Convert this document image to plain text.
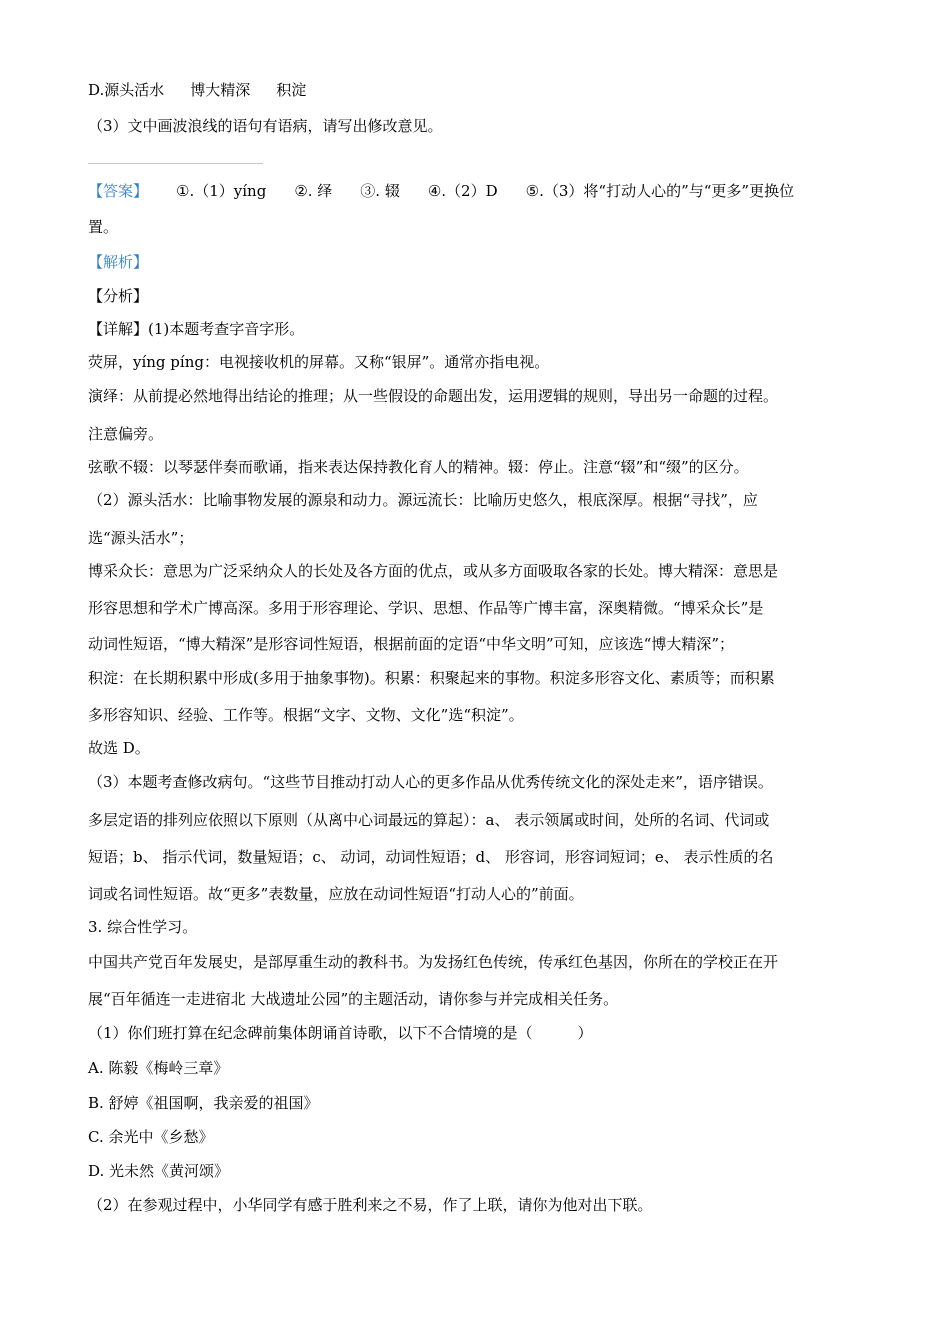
D.源头活水 博大精深 积淀
（3）文中画波浪线的语句有语病，请写出修改意见。
【答案】 ①.（1）yíng ②. 绎 ③. 辍 ④.（2）D ⑤.（3）将“打动人心的”与“更多”更换位
置。
【解析】
【分析】
【详解】(1)本题考查字音字形。
荧屏，yíng píng：电视接收机的屏幕。又称“银屏”。通常亦指电视。
演绎：从前提必然地得出结论的推理；从一些假设的命题出发，运用逻辑的规则，导出另一命题的过程。
注意偏旁。
弦歌不辍：以琴瑟伴奏而歌诵，指来表达保持教化育人的精神。辍：停止。注意“辍”和“缀”的区分。
（2）源头活水：比喻事物发展的源泉和动力。源远流长：比喻历史悠久，根底深厚。根据“寻找”，应
选“源头活水”；
博采众长：意思为广泛采纳众人的长处及各方面的优点，或从多方面吸取各家的长处。博大精深：意思是
形容思想和学术广博高深。多用于形容理论、学识、思想、作品等广博丰富，深奥精微。“博采众长”是
动词性短语，“博大精深”是形容词性短语，根据前面的定语“中华文明”可知，应该选“博大精深”；
积淀：在长期积累中形成(多用于抽象事物)。积累：积聚起来的事物。积淀多形容文化、素质等；而积累
多形容知识、经验、工作等。根据“文字、文物、文化”选“积淀”。
故选 D。
（3）本题考查修改病句。“这些节目推动打动人心的更多作品从优秀传统文化的深处走来”，语序错误。
多层定语的排列应依照以下原则（从离中心词最远的算起）：a、 表示领属或时间，处所的名词、代词或
短语；b、 指示代词，数量短语；c、 动词，动词性短语；d、 形容词，形容词短词；e、 表示性质的名
词或名词性短语。故“更多”表数量，应放在动词性短语“打动人心的”前面。
3. 综合性学习。
中国共产党百年发展史，是部厚重生动的教科书。为发扬红色传统，传承红色基因，你所在的学校正在开
展“百年循连一走进宿北 大战遗址公园”的主题活动，请你参与并完成相关任务。
（1）你们班打算在纪念碑前集体朗诵首诗歌，以下不合情境的是（　　　）
A. 陈毅《梅岭三章》
B. 舒婷《祖国啊，我亲爱的祖国》
C. 余光中《乡愁》
D. 光未然《黄河颂》
（2）在参观过程中，小华同学有感于胜利来之不易，作了上联，请你为他对出下联。
